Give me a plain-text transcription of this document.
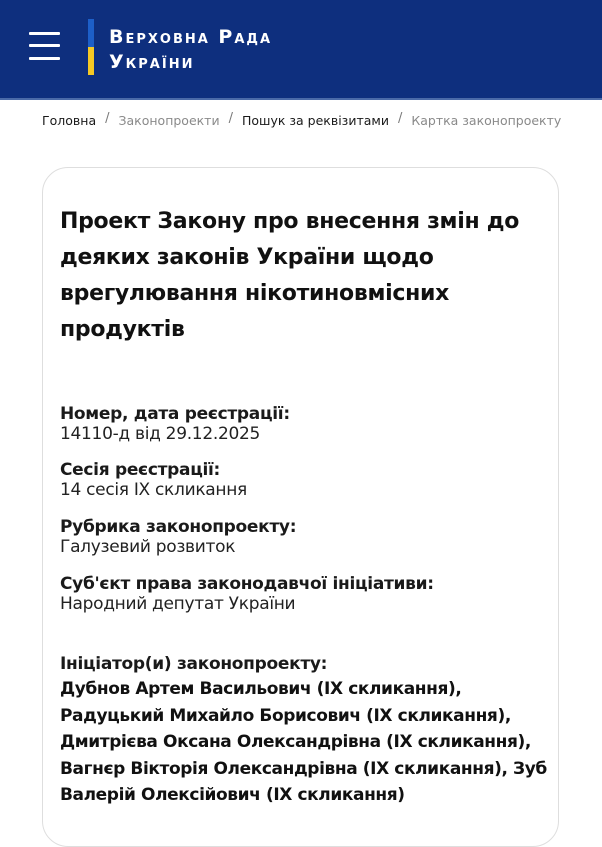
Верховна Рада
України
Головна / Законопроекти / Пошук за реквізитами / Картка законопроекту
Проект Закону про внесення змін до деяких законів України щодо врегулювання нікотиновмісних продуктів
Номер, дата реєстрації:
14110-д від 29.12.2025
Сесія реєстрації:
14 сесія IX скликання
Рубрика законопроекту:
Галузевий розвиток
Суб'єкт права законодавчої ініціативи:
Народний депутат України
Ініціатор(и) законопроекту:
Дубнов Артем Васильович (IX скликання),
Радуцький Михайло Борисович (IX скликання),
Дмитрієва Оксана Олександрівна (IX скликання),
Вагнєр Вікторія Олександрівна (IX скликання), Зуб
Валерій Олексійович (IX скликання)
